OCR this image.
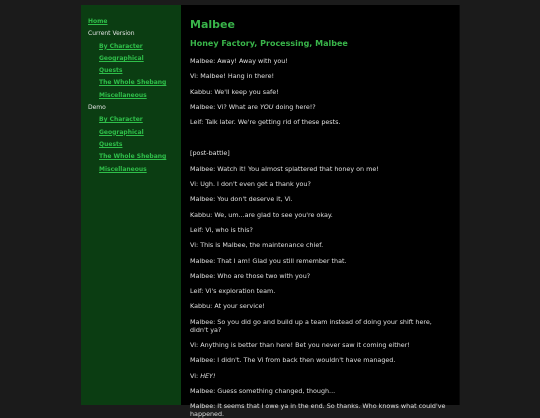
Home
Current Version
By Character
Geographical
Quests
The Whole Shebang
Miscellaneous
Demo
By Character
Geographical
Quests
The Whole Shebang
Miscellaneous
Malbee
Honey Factory, Processing, Malbee

Malbee: Away! Away with you!

Vi: Malbee! Hang in there!

Kabbu: We'll keep you safe!

Malbee: Vi? What are YOU doing here!?

Leif: Talk later. We're getting rid of these pests.

[post-battle]

Malbee: Watch it! You almost splattered that honey on me!

Vi: Ugh. I don't even get a thank you?

Malbee: You don't deserve it, Vi.

Kabbu: We, um...are glad to see you're okay.

Leif: Vi, who is this?

Vi: This is Malbee, the maintenance chief.

Malbee: That I am! Glad you still remember that.

Malbee: Who are those two with you?

Leif: Vi's exploration team.

Kabbu: At your service!

Malbee: So you did go and build up a team instead of doing your shift here, didn't ya?

Vi: Anything is better than here! Bet you never saw it coming either!

Malbee: I didn't. The Vi from back then wouldn't have managed.

Vi: HEY!

Malbee: Guess something changed, though...

Malbee: It seems that I owe ya in the end. So thanks. Who knows what could've happened.
